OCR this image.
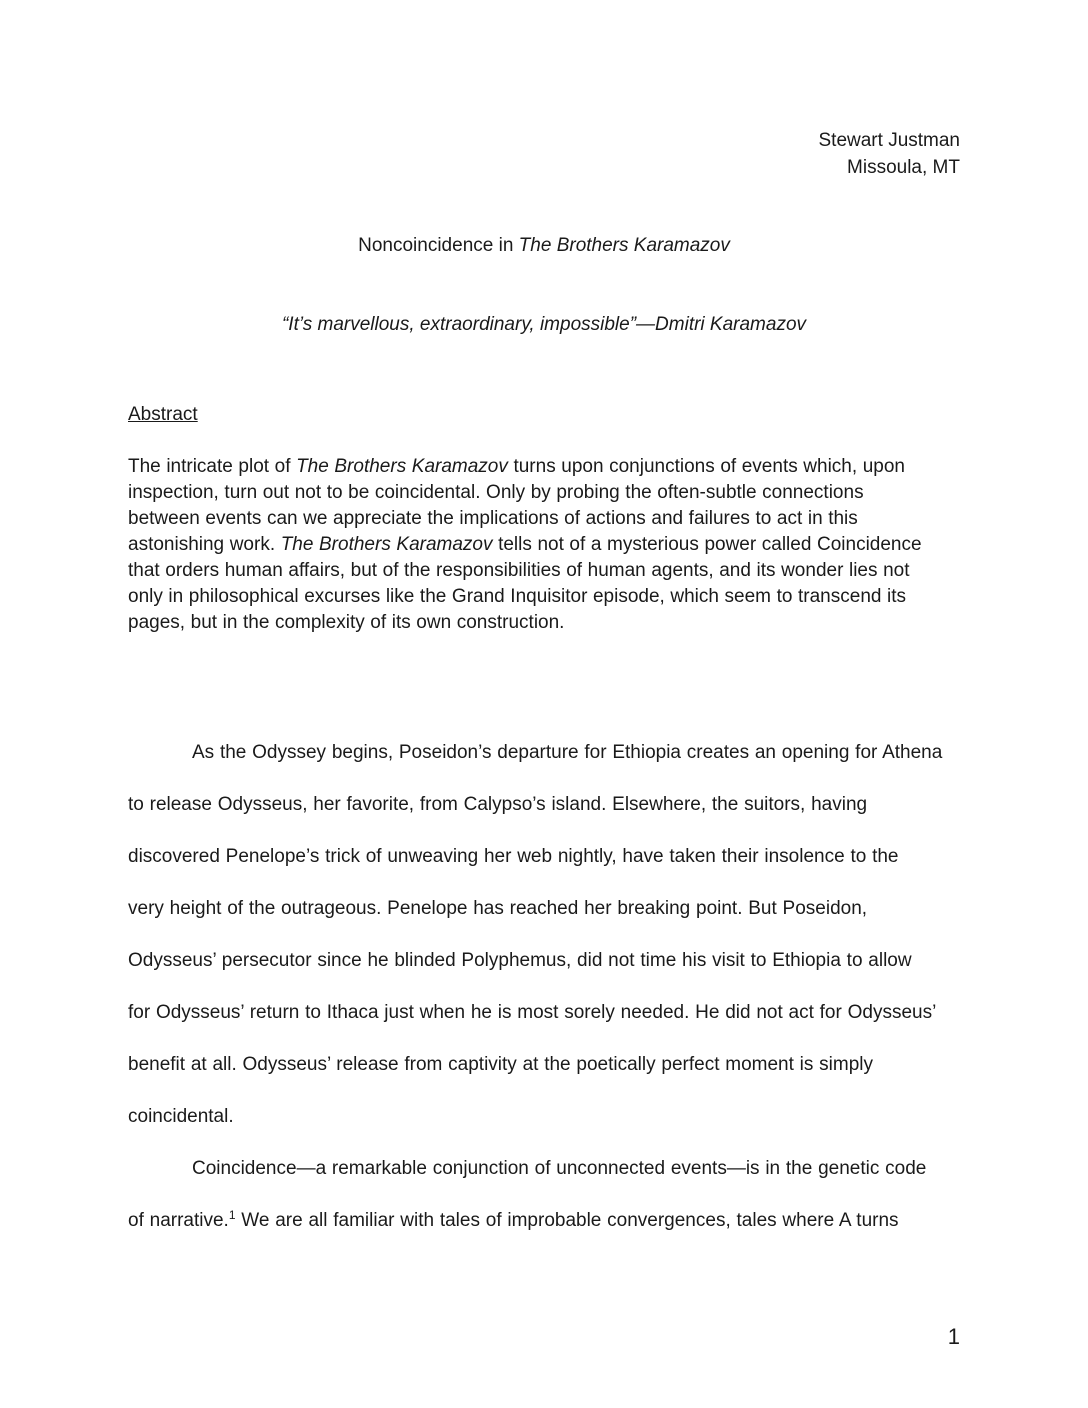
Stewart Justman
Missoula, MT
Noncoincidence in The Brothers Karamazov
“It’s marvellous, extraordinary, impossible”—Dmitri Karamazov
Abstract
The intricate plot of The Brothers Karamazov turns upon conjunctions of events which, upon
inspection, turn out not to be coincidental. Only by probing the often-subtle connections
between events can we appreciate the implications of actions and failures to act in this
astonishing work. The Brothers Karamazov tells not of a mysterious power called Coincidence
that orders human affairs, but of the responsibilities of human agents, and its wonder lies not
only in philosophical excurses like the Grand Inquisitor episode, which seem to transcend its
pages, but in the complexity of its own construction.
As the Odyssey begins, Poseidon’s departure for Ethiopia creates an opening for Athena
to release Odysseus, her favorite, from Calypso’s island. Elsewhere, the suitors, having
discovered Penelope’s trick of unweaving her web nightly, have taken their insolence to the
very height of the outrageous. Penelope has reached her breaking point. But Poseidon,
Odysseus’ persecutor since he blinded Polyphemus, did not time his visit to Ethiopia to allow
for Odysseus’ return to Ithaca just when he is most sorely needed. He did not act for Odysseus’
benefit at all. Odysseus’ release from captivity at the poetically perfect moment is simply
coincidental.
Coincidence—a remarkable conjunction of unconnected events—is in the genetic code
of narrative.$^1$ We are all familiar with tales of improbable convergences, tales where A turns
1
